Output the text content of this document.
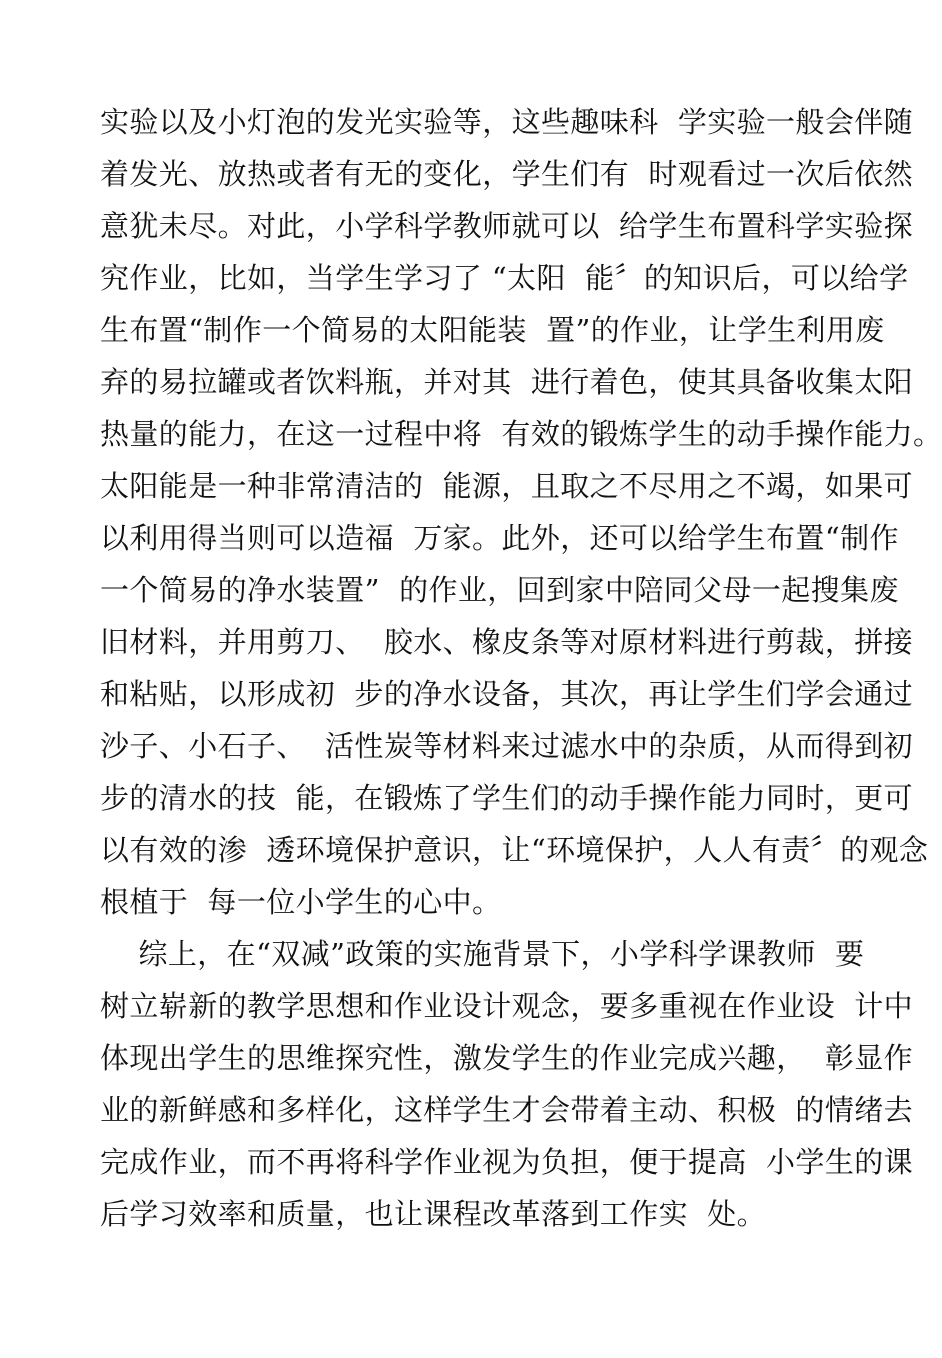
实验以及小灯泡的发光实验等，这些趣味科  学实验一般会伴随
着发光、放热或者有无的变化，学生们有  时观看过一次后依然
意犹未尽。对此，小学科学教师就可以  给学生布置科学实验探
究作业，比如，当学生学习了 “太阳  能〞的知识后，可以给学
生布置“制作一个简易的太阳能装  置”的作业，让学生利用废
弃的易拉罐或者饮料瓶，并对其  进行着色，使其具备收集太阳
热量的能力，在这一过程中将  有效的锻炼学生的动手操作能力。
太阳能是一种非常清洁的  能源，且取之不尽用之不竭，如果可
以利用得当则可以造福  万家。此外，还可以给学生布置“制作
一个简易的净水装置”  的作业，回到家中陪同父母一起搜集废
旧材料，并用剪刀、  胶水、橡皮条等对原材料进行剪裁，拼接
和粘贴，以形成初  步的净水设备，其次，再让学生们学会通过
沙子、小石子、  活性炭等材料来过滤水中的杂质，从而得到初
步的清水的技  能，在锻炼了学生们的动手操作能力同时，更可
以有效的渗  透环境保护意识，让“环境保护，人人有责〞的观念
根植于  每一位小学生的心中。
综上，在“双减”政策的实施背景下，小学科学课教师  要
树立崭新的教学思想和作业设计观念，要多重视在作业设  计中
体现出学生的思维探究性，激发学生的作业完成兴趣，  彰显作
业的新鲜感和多样化，这样学生才会带着主动、积极  的情绪去
完成作业，而不再将科学作业视为负担，便于提高  小学生的课
后学习效率和质量，也让课程改革落到工作实  处。
